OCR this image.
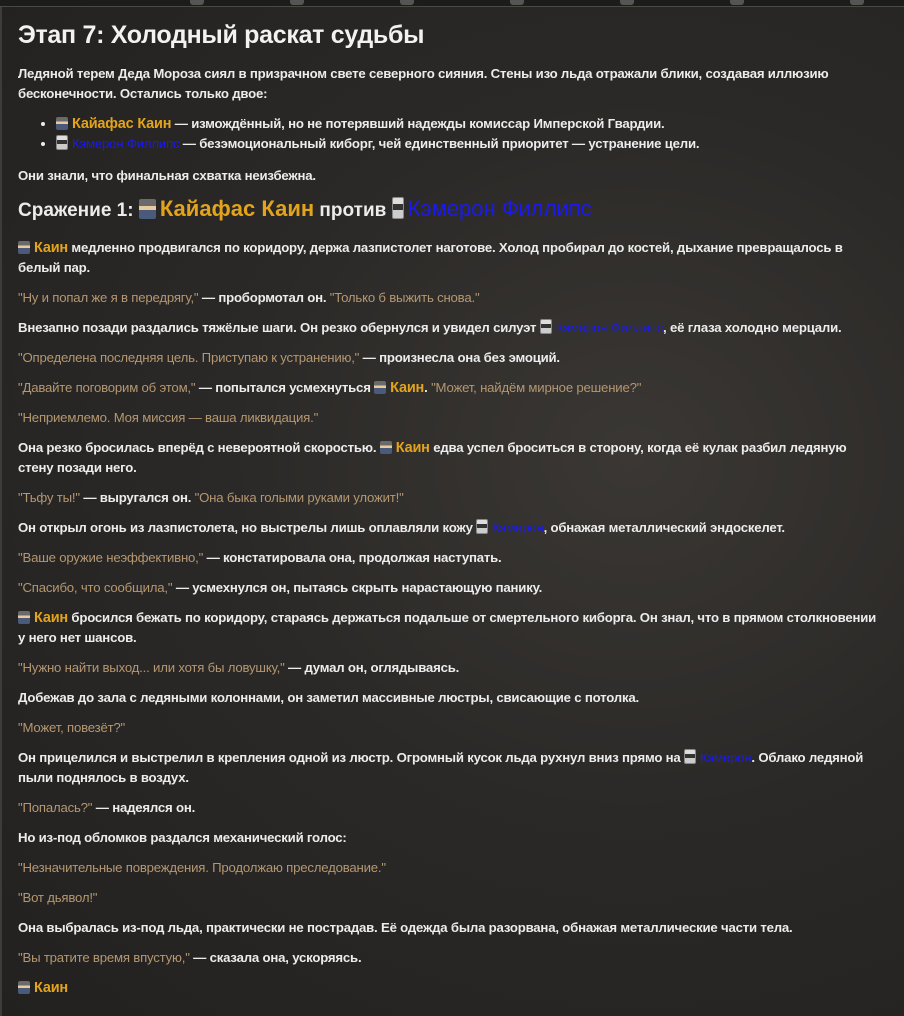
Этап 7: Холодный раскат судьбы

Ледяной терем Деда Мороза сиял в призрачном свете северного сияния. Стены изо льда отражали блики, создавая иллюзию бесконечности. Остались только двое:

• Кайафас Каин — измождённый, но не потерявший надежды комиссар Имперской Гвардии.
• Кэмерон Филлипс — безэмоциональный киборг, чей единственный приоритет — устранение цели.

Они знали, что финальная схватка неизбежна.

Сражение 1: Кайафас Каин против Кэмерон Филлипс

Каин медленно продвигался по коридору, держа лазпистолет наготове. Холод пробирал до костей, дыхание превращалось в белый пар.

"Ну и попал же я в передрягу," — пробормотал он. "Только б выжить снова."

Внезапно позади раздались тяжёлые шаги. Он резко обернулся и увидел силуэт Кэмерон Филлипс, её глаза холодно мерцали.

"Определена последняя цель. Приступаю к устранению," — произнесла она без эмоций.

"Давайте поговорим об этом," — попытался усмехнуться Каин. "Может, найдём мирное решение?"

"Неприемлемо. Моя миссия — ваша ликвидация."

Она резко бросилась вперёд с невероятной скоростью. Каин едва успел броситься в сторону, когда её кулак разбил ледяную стену позади него.

"Тьфу ты!" — выругался он. "Она быка голыми руками уложит!"

Он открыл огонь из лазпистолета, но выстрелы лишь оплавляли кожу Кэмерон, обнажая металлический эндоскелет.

"Ваше оружие неэффективно," — констатировала она, продолжая наступать.

"Спасибо, что сообщила," — усмехнулся он, пытаясь скрыть нарастающую панику.

Каин бросился бежать по коридору, стараясь держаться подальше от смертельного киборга. Он знал, что в прямом столкновении у него нет шансов.

"Нужно найти выход... или хотя бы ловушку," — думал он, оглядываясь.

Добежав до зала с ледяными колоннами, он заметил массивные люстры, свисающие с потолка.

"Может, повезёт?"

Он прицелился и выстрелил в крепления одной из люстр. Огромный кусок льда рухнул вниз прямо на Кэмерон. Облако ледяной пыли поднялось в воздух.

"Попалась?" — надеялся он.

Но из-под обломков раздался механический голос:

"Незначительные повреждения. Продолжаю преследование."

"Вот дьявол!"

Она выбралась из-под льда, практически не пострадав. Её одежда была разорвана, обнажая металлические части тела.

"Вы тратите время впустую," — сказала она, ускоряясь.

Каин
